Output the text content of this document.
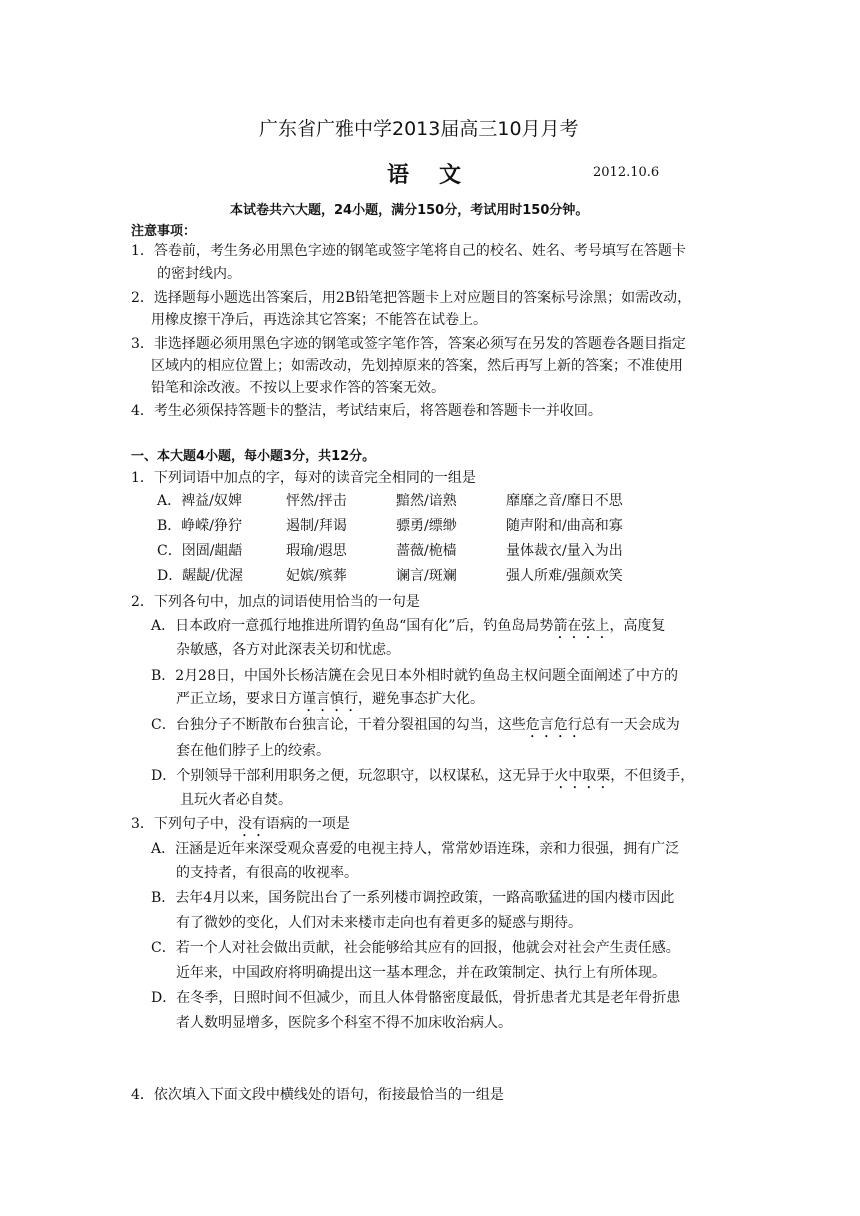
广东省广雅中学2013届高三10月月考
语文	2012.10.6
本试卷共六大题，24小题，满分150分，考试用时150分钟。
注意事项：
1．答卷前，考生务必用黑色字迹的钢笔或签字笔将自己的校名、姓名、考号填写在答题卡
的密封线内。
2．选择题每小题选出答案后，用2B铅笔把答题卡上对应题目的答案标号涂黑；如需改动，
用橡皮擦干净后，再选涂其它答案；不能答在试卷上。
3．非选择题必须用黑色字迹的钢笔或签字笔作答，答案必须写在另发的答题卷各题目指定
区域内的相应位置上；如需改动，先划掉原来的答案，然后再写上新的答案；不准使用
铅笔和涂改液。不按以上要求作答的答案无效。
4．考生必须保持答题卡的整洁，考试结束后，将答题卷和答题卡一并收回。
一、本大题4小题，每小题3分，共12分。
1．下列词语中加点的字，每对的读音完全相同的一组是
A．裨益/奴婢	怦然/抨击	黯然/谙熟	靡靡之音/靡日不思
B．峥嵘/狰狞	遏制/拜谒	骠勇/缥缈	随声附和/曲高和寡
C．囹圄/龃龉	瑕瑜/遐思	蔷薇/桅樯	量体裁衣/量入为出
D．龌龊/优渥	妃嫔/殡葬	谰言/斑斓	强人所难/强颜欢笑
2．下列各句中，加点的词语使用恰当的一句是
A．日本政府一意孤行地推进所谓钓鱼岛“国有化”后，钓鱼岛局势箭在弦上，高度复
杂敏感，各方对此深表关切和忧虑。
B．2月28日，中国外长杨洁篪在会见日本外相时就钓鱼岛主权问题全面阐述了中方的
严正立场，要求日方谨言慎行，避免事态扩大化。
C．台独分子不断散布台独言论，干着分裂祖国的勾当，这些危言危行总有一天会成为
套在他们脖子上的绞索。
D．个别领导干部利用职务之便，玩忽职守，以权谋私，这无异于火中取栗，不但烫手，
且玩火者必自焚。
3．下列句子中，没有语病的一项是
A．汪涵是近年来深受观众喜爱的电视主持人，常常妙语连珠，亲和力很强，拥有广泛
的支持者，有很高的收视率。
B．去年4月以来，国务院出台了一系列楼市调控政策，一路高歌猛进的国内楼市因此
有了微妙的变化，人们对未来楼市走向也有着更多的疑惑与期待。
C．若一个人对社会做出贡献，社会能够给其应有的回报，他就会对社会产生责任感。
近年来，中国政府将明确提出这一基本理念，并在政策制定、执行上有所体现。
D．在冬季，日照时间不但减少，而且人体骨骼密度最低，骨折患者尤其是老年骨折患
者人数明显增多，医院多个科室不得不加床收治病人。
4．依次填入下面文段中横线处的语句，衔接最恰当的一组是
